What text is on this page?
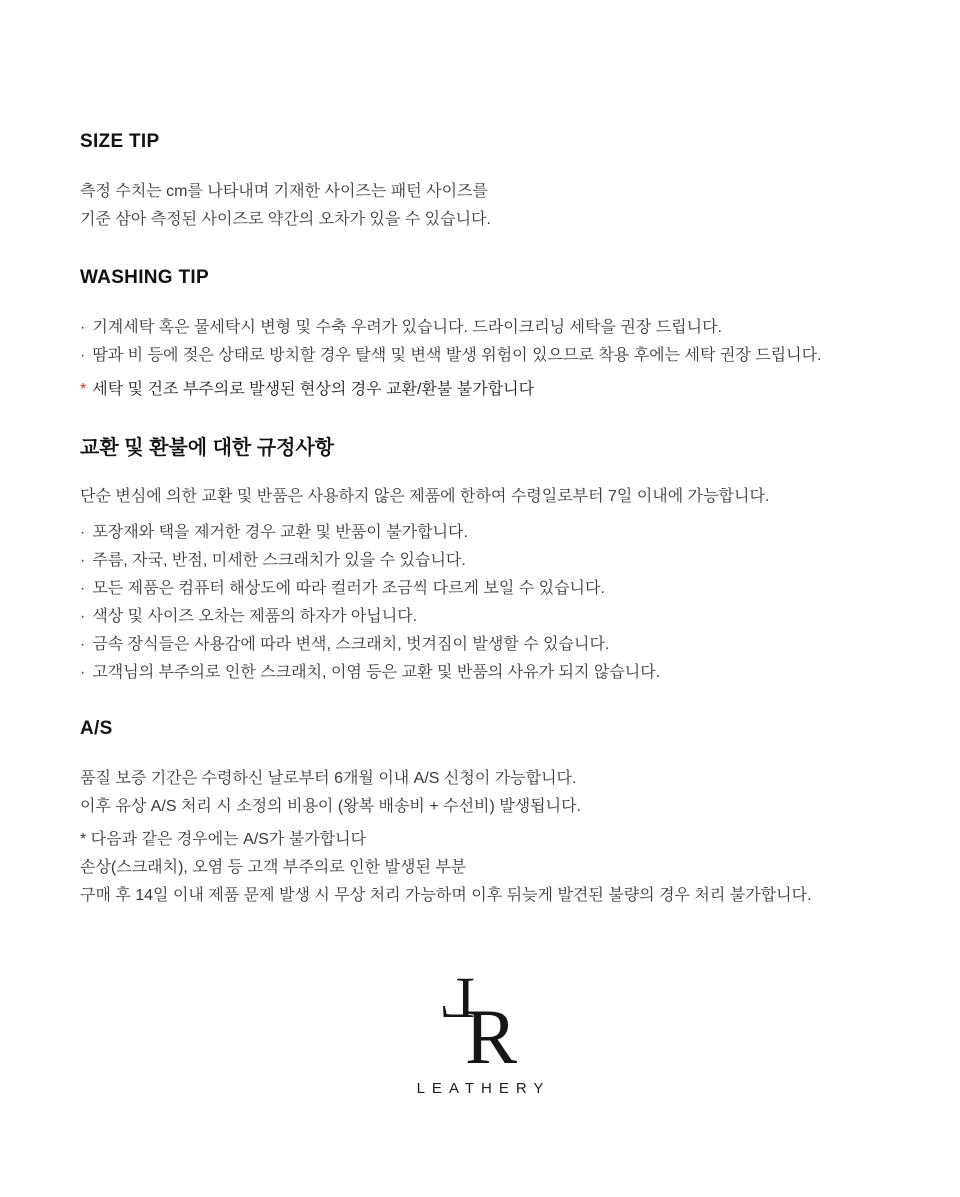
SIZE TIP

측정 수치는 cm를 나타내며 기재한 사이즈는 패턴 사이즈를

기준 삼아 측정된 사이즈로 약간의 오차가 있을 수 있습니다.

WASHING TIP

· 기계세탁 혹은 물세탁시 변형 및 수축 우려가 있습니다. 드라이크리닝 세탁을 권장 드립니다.

· 땀과 비 등에 젖은 상태로 방치할 경우 탈색 및 변색 발생 위험이 있으므로 착용 후에는 세탁 권장 드립니다.

* 세탁 및 건조 부주의로 발생된 현상의 경우 교환/환불 불가합니다

교환 및 환불에 대한 규정사항

단순 변심에 의한 교환 및 반품은 사용하지 않은 제품에 한하여 수령일로부터 7일 이내에 가능합니다.

· 포장재와 택을 제거한 경우 교환 및 반품이 불가합니다.

· 주름, 자국, 반점, 미세한 스크래치가 있을 수 있습니다.

· 모든 제품은 컴퓨터 해상도에 따라 컬러가 조금씩 다르게 보일 수 있습니다.

· 색상 및 사이즈 오차는 제품의 하자가 아닙니다.

· 금속 장식들은 사용감에 따라 변색, 스크래치, 벗겨짐이 발생할 수 있습니다.

· 고객님의 부주의로 인한 스크래치, 이염 등은 교환 및 반품의 사유가 되지 않습니다.

A/S

품질 보증 기간은 수령하신 날로부터 6개월 이내 A/S 신청이 가능합니다.

이후 유상 A/S 처리 시 소정의 비용이 (왕복 배송비 + 수선비) 발생됩니다.

* 다음과 같은 경우에는 A/S가 불가합니다

손상(스크래치), 오염 등 고객 부주의로 인한 발생된 부분

구매 후 14일 이내 제품 문제 발생 시 무상 처리 가능하며 이후 뒤늦게 발견된 불량의 경우 처리 불가합니다.

L
R
LEATHERY
